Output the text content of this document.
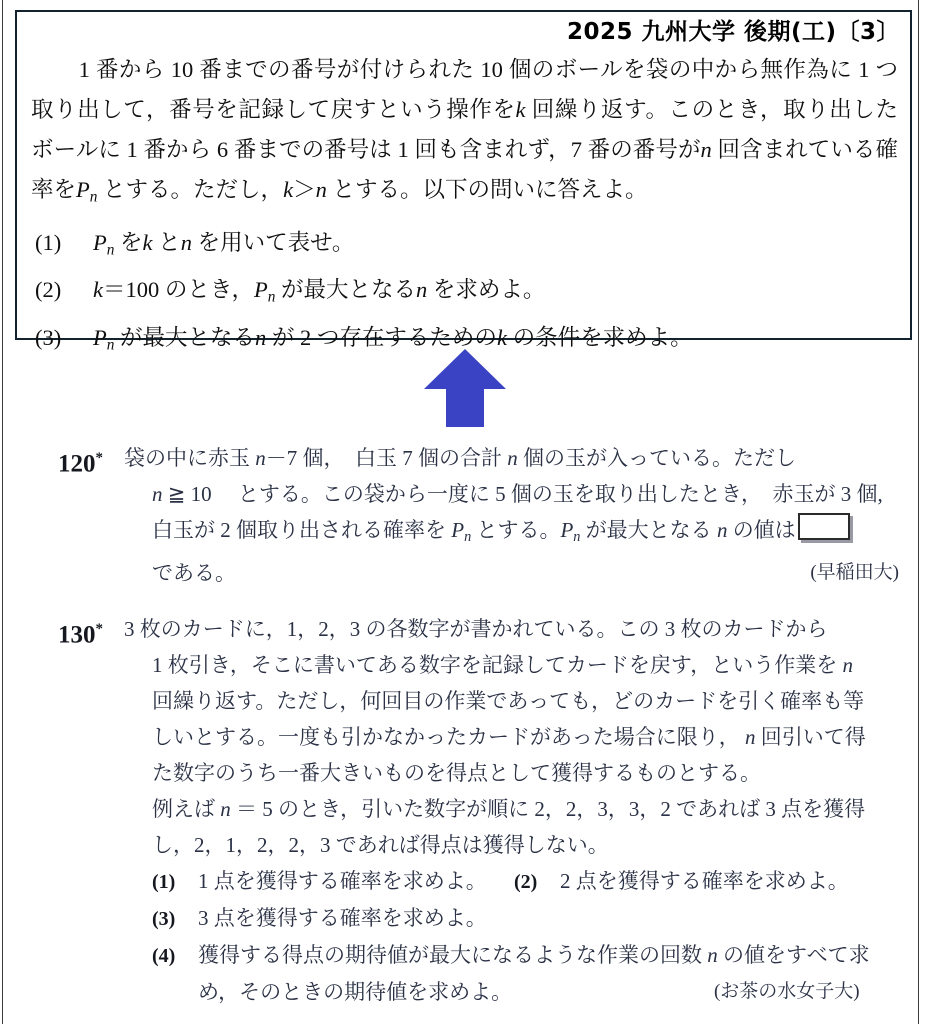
2025 九州大学 後期(工)〔3〕

　1 番から 10 番までの番号が付けられた 10 個のボールを袋の中から無作為に 1 つ取り出して，番号を記録して戻すという操作をk 回繰り返す。このとき，取り出したボールに 1 番から 6 番までの番号は 1 回も含まれず，7 番の番号がn 回含まれている確率を$P_n$ とする。ただし，k＞n とする。以下の問いに答えよ。

(1)	$P_n$ をk とn を用いて表せ。
(2)	k＝100 のとき，$P_n$ が最大となるn を求めよ。
(3)	$P_n$ が最大となるn が 2 つ存在するためのk の条件を求めよ。
120*	袋の中に赤玉 n－7 個，　白玉 7 個の合計 n 個の玉が入っている。ただし

n ≧ 10 　とする。この袋から一度に 5 個の玉を取り出したとき，　赤玉が 3 個,

白玉が 2 個取り出される確率を $P_n$ とする。$P_n$ が最大となる n の値は

(早稲田大)
である。

130*	3 枚のカードに，1，2，3 の各数字が書かれている。この 3 枚のカードから

1 枚引き，そこに書いてある数字を記録してカードを戻す，という作業を n

回繰り返す。ただし，何回目の作業であっても，どのカードを引く確率も等

しいとする。一度も引かなかったカードがあった場合に限り， n 回引いて得

た数字のうち一番大きいものを得点として獲得するものとする。

例えば n ＝ 5 のとき，引いた数字が順に 2，2，3，3，2 であれば 3 点を獲得

し，2，1，2，2，3 であれば得点は獲得しない。

(1)	1 点を獲得する確率を求めよ。 (2)	2 点を獲得する確率を求めよ。
(3)	3 点を獲得する確率を求めよ。
(4)	獲得する得点の期待値が最大になるような作業の回数 n の値をすべて求
(お茶の水女子大)
め，そのときの期待値を求めよ。
